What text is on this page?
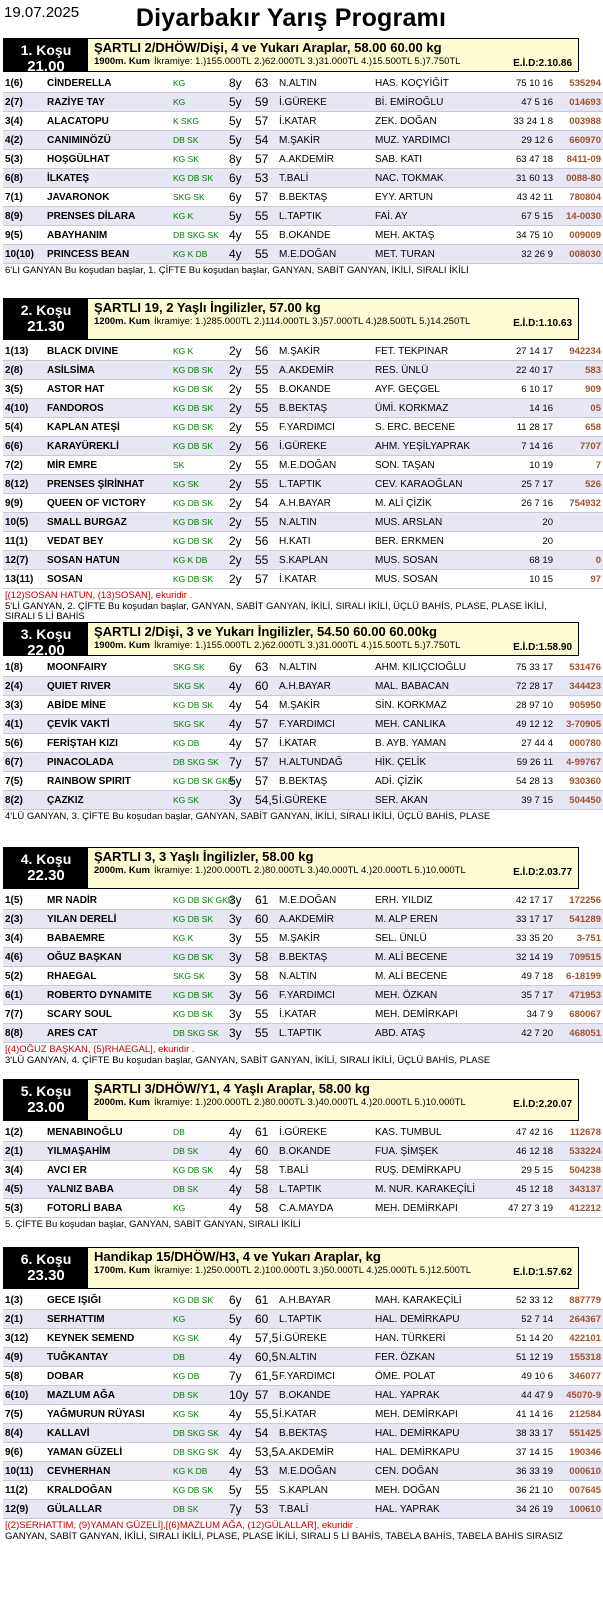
19.07.2025	Diyarbakır Yarış Programı
1. Koşu
21.00
ŞARTLI 2/DHÖW/Dişi, 4 ve Yukarı Araplar, 58.00 60.00 kg
1900m. Kum İkramiye: 1.)155.000TL 2.)62.000TL 3.)31.000TL 4.)15.500TL 5.)7.750TL	E.İ.D:2.10.86
1(6)	CİNDERELLA	KG	8y	63	N.ALTIN	HAS. KOÇYİĞİT	75 10 16	535294
2(7)	RAZİYE TAY	KG	5y	59	İ.GÜREKE	Bİ. EMİROĞLU	47 5 16	014693
3(4)	ALACATOPU	K SKG	5y	57	İ.KATAR	ZEK. DOĞAN	33 24 1 8	003988
4(2)	CANIMINÖZÜ	DB SK	5y	54	M.ŞAKİR	MUZ. YARDIMCI	29 12 6	660970
5(3)	HOŞGÜLHAT	KG SK	8y	57	A.AKDEMİR	SAB. KATI	63 47 18	8411-09
6(8)	İLKATEŞ	KG DB SK	6y	53	T.BALİ	NAC. TOKMAK	31 60 13	0088-80
7(1)	JAVARONOK	SKG SK	6y	57	B.BEKTAŞ	EYY. ARTUN	43 42 11	780804
8(9)	PRENSES DİLARA	KG K	5y	55	L.TAPTIK	FAİ. AY	67 5 15	14-0030
9(5)	ABAYHANIM	DB SKG SK	4y	55	B.OKANDE	MEH. AKTAŞ	34 75 10	009009
10(10)	PRINCESS BEAN	KG K DB	4y	55	M.E.DOĞAN	MET. TURAN	32 26 9	008030
6'LI GANYAN Bu koşudan başlar, 1. ÇİFTE Bu koşudan başlar, GANYAN, SABİT GANYAN, İKİLİ, SIRALI İKİLİ
2. Koşu
21.30
ŞARTLI 19, 2 Yaşlı İngilizler, 57.00 kg
1200m. Kum İkramiye: 1.)285.000TL 2.)114.000TL 3.)57.000TL 4.)28.500TL 5.)14.250TL	E.İ.D:1.10.63
1(13)	BLACK DIVINE	KG K	2y	56	M.ŞAKİR	FET. TEKPINAR	27 14 17	942234
2(8)	ASİLSİMA	KG DB SK	2y	55	A.AKDEMİR	RES. ÜNLÜ	22 40 17	583
3(5)	ASTOR HAT	KG DB SK	2y	55	B.OKANDE	AYF. GEÇGEL	6 10 17	909
4(10)	FANDOROS	KG DB SK	2y	55	B.BEKTAŞ	ÜMİ. KORKMAZ	14 16	05
5(4)	KAPLAN ATEŞİ	KG DB SK	2y	55	F.YARDIMCI	S. ERC. BECENE	11 28 17	658
6(6)	KARAYÜREKLİ	KG DB SK	2y	56	İ.GÜREKE	AHM. YEŞİLYAPRAK	7 14 16	7707
7(2)	MİR EMRE	SK	2y	55	M.E.DOĞAN	SON. TAŞAN	10 19	7
8(12)	PRENSES ŞİRİNHAT	KG SK	2y	55	L.TAPTIK	CEV. KARAOĞLAN	25 7 17	526
9(9)	QUEEN OF VICTORY	KG DB SK	2y	54	A.H.BAYAR	M. ALİ ÇİZİK	26 7 16	754932
10(5)	SMALL BURGAZ	KG DB SK	2y	55	N.ALTIN	MUS. ARSLAN	20	
11(1)	VEDAT BEY	KG DB SK	2y	56	H.KATI	BER. ERKMEN	20	
12(7)	SOSAN HATUN	KG K DB	2y	55	S.KAPLAN	MUS. SOSAN	68 19	0
13(11)	SOSAN	KG DB SK	2y	57	İ.KATAR	MUS. SOSAN	10 15	97
[(12)SOSAN HATUN, (13)SOSAN], ekuridir .
5'Lİ GANYAN, 2. ÇİFTE Bu koşudan başlar, GANYAN, SABİT GANYAN, İKİLİ, SIRALI İKİLİ, ÜÇLÜ BAHİS, PLASE, PLASE İKİLİ, SIRALI 5 Lİ BAHİS
3. Koşu
22.00
ŞARTLI 2/Dişi, 3 ve Yukarı İngilizler, 54.50 60.00 60.00kg
1900m. Kum İkramiye: 1.)155.000TL 2.)62.000TL 3.)31.000TL 4.)15.500TL 5.)7.750TL	E.İ.D:1.58.90
1(8)	MOONFAIRY	SKG SK	6y	63	N.ALTIN	AHM. KILIÇCIOĞLU	75 33 17	531476
2(4)	QUIET RIVER	SKG SK	4y	60	A.H.BAYAR	MAL. BABACAN	72 28 17	344423
3(3)	ABİDE MİNE	KG DB SK	4y	54	M.ŞAKİR	SİN. KORKMAZ	28 97 10	905950
4(1)	ÇEVİK VAKTİ	SKG SK	4y	57	F.YARDIMCI	MEH. CANLIKA	49 12 12	3-70905
5(6)	FERİŞTAH KIZI	KG DB	4y	57	İ.KATAR	B. AYB. YAMAN	27 44 4	000780
6(7)	PINACOLADA	DB SKG SK	7y	57	H.ALTUNDAĞ	HİK. ÇELİK	59 26 11	4-99767
7(5)	RAINBOW SPIRIT	KG DB SK GKR	5y	57	B.BEKTAŞ	ADİ. ÇİZİK	54 28 13	930360
8(2)	ÇAZKIZ	KG SK	3y	54,5	İ.GÜREKE	SER. AKAN	39 7 15	504450
4'LÜ GANYAN, 3. ÇİFTE Bu koşudan başlar, GANYAN, SABİT GANYAN, İKİLİ, SIRALI İKİLİ, ÜÇLÜ BAHİS, PLASE
4. Koşu
22.30
ŞARTLI 3, 3 Yaşlı İngilizler, 58.00 kg
2000m. Kum İkramiye: 1.)200.000TL 2.)80.000TL 3.)40.000TL 4.)20.000TL 5.)10.000TL	E.İ.D:2.03.77
1(5)	MR NADİR	KG DB SK GKR	3y	61	M.E.DOĞAN	ERH. YILDIZ	42 17 17	172256
2(3)	YILAN DERELİ	KG DB SK	3y	60	A.AKDEMİR	M. ALP EREN	33 17 17	541289
3(4)	BABAEMRE	KG K	3y	55	M.ŞAKİR	SEL. ÜNLÜ	33 35 20	3-751
4(6)	OĞUZ BAŞKAN	KG DB SK	3y	58	B.BEKTAŞ	M. ALİ BECENE	32 14 19	709515
5(2)	RHAEGAL	SKG SK	3y	58	N.ALTIN	M. ALİ BECENE	49 7 18	6-18199
6(1)	ROBERTO DYNAMITE	KG DB SK	3y	56	F.YARDIMCI	MEH. ÖZKAN	35 7 17	471953
7(7)	SCARY SOUL	KG DB SK	3y	55	İ.KATAR	MEH. DEMİRKAPI	34 7 9	680067
8(8)	ARES CAT	DB SKG SK	3y	55	L.TAPTIK	ABD. ATAŞ	42 7 20	468051
[(4)OĞUZ BAŞKAN, (5)RHAEGAL], ekuridir .
3'LÜ GANYAN, 4. ÇİFTE Bu koşudan başlar, GANYAN, SABİT GANYAN, İKİLİ, SIRALI İKİLİ, ÜÇLÜ BAHİS, PLASE
5. Koşu
23.00
ŞARTLI 3/DHÖW/Y1, 4 Yaşlı Araplar, 58.00 kg
2000m. Kum İkramiye: 1.)200.000TL 2.)80.000TL 3.)40.000TL 4.)20.000TL 5.)10.000TL	E.İ.D:2.20.07
1(2)	MENABINOĞLU	DB	4y	61	İ.GÜREKE	KAS. TUMBUL	47 42 16	112678
2(1)	YILMAŞAHİM	DB SK	4y	60	B.OKANDE	FUA. ŞİMŞEK	46 12 18	533224
3(4)	AVCI ER	KG DB SK	4y	58	T.BALİ	RUŞ. DEMİRKAPU	29 5 15	504238
4(5)	YALNIZ BABA	DB SK	4y	58	L.TAPTIK	M. NUR. KARAKEÇİLİ	45 12 18	343137
5(3)	FOTORLİ BABA	KG	4y	58	C.A.MAYDA	MEH. DEMİRKAPI	47 27 3 19	412212
5. ÇİFTE Bu koşudan başlar, GANYAN, SABİT GANYAN, SIRALI İKİLİ
6. Koşu
23.30
Handikap 15/DHÖW/H3, 4 ve Yukarı Araplar, kg
1700m. Kum İkramiye: 1.)250.000TL 2.)100.000TL 3.)50.000TL 4.)25.000TL 5.)12.500TL	E.İ.D:1.57.62
1(3)	GECE IŞIĞI	KG DB SK	6y	61	A.H.BAYAR	MAH. KARAKEÇİLİ	52 33 12	887779
2(1)	SERHATTIM	KG	5y	60	L.TAPTIK	HAL. DEMİRKAPU	52 7 14	264367
3(12)	KEYNEK SEMEND	KG SK	4y	57,5	İ.GÜREKE	HAN. TÜRKERİ	51 14 20	422101
4(9)	TUĞKANTAY	DB	4y	60,5	N.ALTIN	FER. ÖZKAN	51 12 19	155318
5(8)	DOBAR	KG DB	7y	61,5	F.YARDIMCI	ÖME. POLAT	49 10 6	346077
6(10)	MAZLUM AĞA	DB SK	10y	57	B.OKANDE	HAL. YAPRAK	44 47 9	45070-9
7(5)	YAĞMURUN RÜYASI	KG SK	4y	55,5	İ.KATAR	MEH. DEMİRKAPI	41 14 16	212584
8(4)	KALLAVİ	DB SKG SK	4y	54	B.BEKTAŞ	HAL. DEMİRKAPU	38 33 17	551425
9(6)	YAMAN GÜZELİ	DB SKG SK	4y	53,5	A.AKDEMİR	HAL. DEMİRKAPU	37 14 15	190346
10(11)	CEVHERHAN	KG K DB	4y	53	M.E.DOĞAN	CEN. DOĞAN	36 33 19	000610
11(2)	KRALDOĞAN	KG DB SK	5y	55	S.KAPLAN	MEH. DOĞAN	36 21 10	007645
12(9)	GÜLALLAR	DB SK	7y	53	T.BALİ	HAL. YAPRAK	34 26 19	100610
[(2)SERHATTIM, (9)YAMAN GÜZELİ],[(6)MAZLUM AĞA, (12)GÜLALLAR], ekuridir .
GANYAN, SABİT GANYAN, İKİLİ, SIRALI İKİLİ, PLASE, PLASE İKİLİ, SIRALI 5 Lİ BAHİS, TABELA BAHİS, TABELA BAHİS SIRASIZ
